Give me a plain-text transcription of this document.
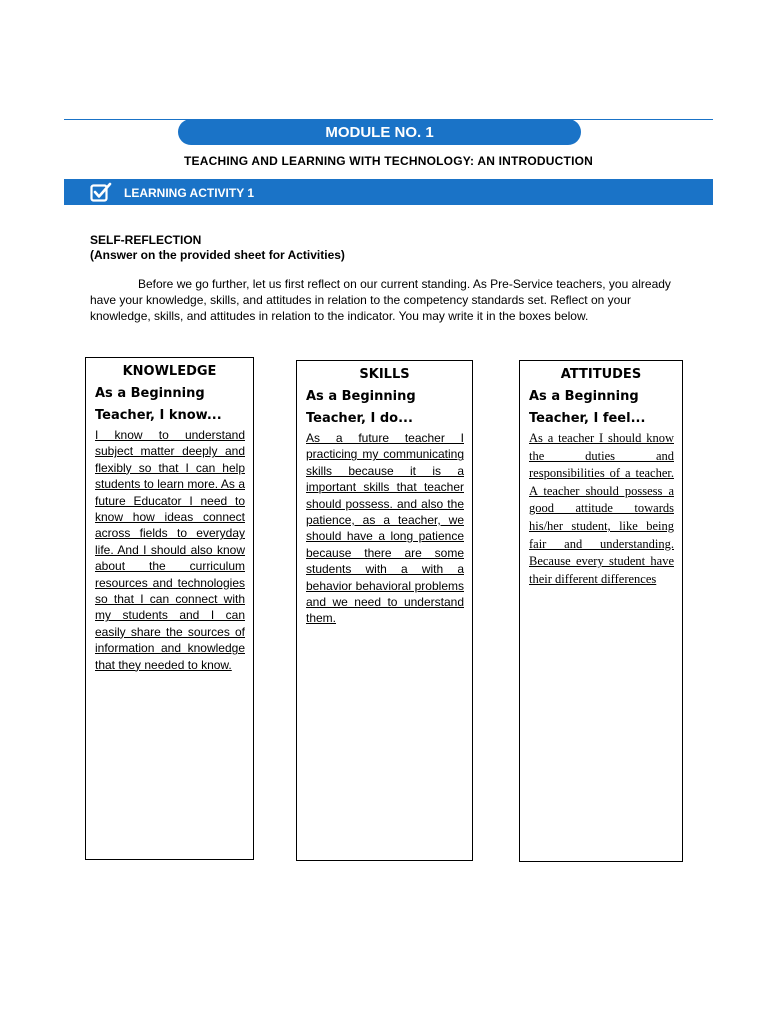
MODULE NO. 1
TEACHING AND LEARNING WITH TECHNOLOGY: AN INTRODUCTION
LEARNING ACTIVITY 1
SELF-REFLECTION
(Answer on the provided sheet for Activities)

Before we go further, let us first reflect on our current standing. As Pre-Service teachers, you already have your knowledge, skills, and attitudes in relation to the competency standards set. Reflect on your knowledge, skills, and attitudes in relation to the indicator. You may write it in the boxes below.

KNOWLEDGE
As a Beginning Teacher, I know...
I know to understand subject matter deeply and flexibly so that I can help students to learn more. As a future Educator I need to know how ideas connect across fields to everyday life. And I should also know about the curriculum resources and technologies so that I can connect with my students and I can easily share the sources of information and knowledge that they needed to know.
SKILLS
As a Beginning Teacher, I do...
As a future teacher I practicing my communicating skills because it is a important skills that teacher should possess. and also the patience, as a teacher, we should have a long patience because there are some students with a with a behavior behavioral problems and we need to understand them.
ATTITUDES
As a Beginning Teacher, I feel...
As a teacher I should know the duties and responsibilities of a teacher. A teacher should possess a good attitude towards his/her student, like being fair and understanding. Because every student have their different differences
